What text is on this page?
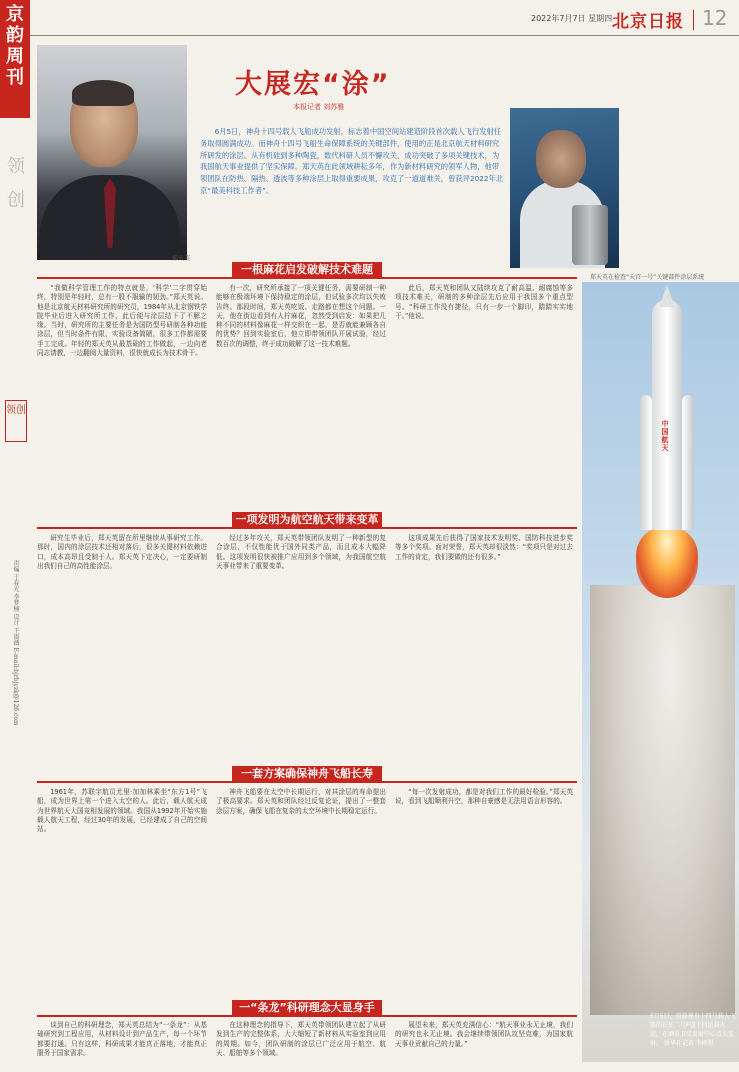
京韵周刊
领创
领创
责编 于春光 李梦楠 设计 王雨薇 E-mail:bjrbjyzk@126.com
2022年7月7日 星期四 北京日报 12
郑天英
大展宏“涂”
本报记者 刘苏雅
6月5日，神舟十四号载人飞船成功发射，标志着中国空间站建造阶段首次载人飞行发射任务取得圆满成功。而神舟十四号飞船生命保障系统的关键部件，使用的正是北京航天材料研究所研发的涂层。从有机硅到多种陶瓷，数代科研人员不懈攻关，成功突破了多项关键技术，为我国航天事业提供了坚实保障。郑天英在此领域耕耘多年，作为新材料研究的领军人物，他带领团队在防热、隔热、透波等多种涂层上取得重要成果，攻克了一道道难关，曾获评2022年北京“最美科技工作者”。
郑天英在检查“天宫一号”关键部件涂层系统
一根麻花启发破解技术难题
“我做科学管理工作的特点就是，‘科学’二字贯穿始终，特别是年轻时，总有一股不服输的韧劲。”郑天英说。他是北京航天材料研究所的研究员，1984年从北京钢铁学院毕业后进入研究所工作，此后便与涂层结下了不解之缘。当时，研究所的主要任务是为国防型号研制各种功能涂层，但当时条件有限，实验设备简陋，很多工作都需要手工完成。年轻的郑天英从最基础的工作做起，一边向老同志请教，一边翻阅大量资料，很快就成长为技术骨干。
有一次，研究所承接了一项关键任务，需要研制一种能够在极端环境下保持稳定的涂层，但试验多次均以失败告终。那段时间，郑天英吃饭、走路都在想这个问题。一天，他在街边看到有人拧麻花，忽然受到启发：如果把几种不同的材料像麻花一样交织在一起，是否就能兼顾各自的优势？回到实验室后，他立即带领团队开展试验，经过数百次的调整，终于成功破解了这一技术难题。
此后，郑天英和团队又陆续攻克了耐高温、耐腐蚀等多项技术难关，研制的多种涂层先后应用于我国多个重点型号。“科研工作没有捷径，只有一步一个脚印，踏踏实实地干。”他说。
一项发明为航空航天带来变革
研究生毕业后，郑天英留在所里继续从事研究工作。那时，国内的涂层技术还相对落后，很多关键材料依赖进口，成本高昂且受制于人。郑天英下定决心，一定要研制出我们自己的高性能涂层。
经过多年攻关，郑天英带领团队发明了一种新型的复合涂层，不仅性能优于国外同类产品，而且成本大幅降低。这项发明很快被推广应用到多个领域，为我国航空航天事业带来了重要变革。
这项成果先后获得了国家技术发明奖、国防科技进步奖等多个奖项。面对荣誉，郑天英却很淡然：“奖项只是对过去工作的肯定，我们要做的还有很多。”
一套方案确保神舟飞船长寿
1961年，苏联宇航员尤里·加加林乘坐“东方1号”飞船，成为世界上第一个进入太空的人。此后，载人航天成为世界航天大国竞相发展的领域。我国从1992年开始实施载人航天工程，经过30年的发展，已经建成了自己的空间站。
神舟飞船要在太空中长期运行，对其涂层的寿命提出了极高要求。郑天英和团队经过反复论证，提出了一整套涂层方案，确保飞船在复杂的太空环境中长期稳定运行。
“每一次发射成功，都是对我们工作的最好检验。”郑天英说，看到飞船顺利升空，那种自豪感是无法用语言形容的。
一“条龙”科研理念大显身手
谈到自己的科研理念，郑天英总结为“一条龙”：从基础研究到工程应用，从材料设计到产品生产，每一个环节都要打通。只有这样，科研成果才能真正落地，才能真正服务于国家需求。
在这种理念的指导下，郑天英带领团队建立起了从研发到生产的完整体系，大大缩短了新材料从实验室到应用的周期。如今，团队研制的涂层已广泛应用于航空、航天、船舶等多个领域。
展望未来，郑天英充满信心：“航天事业永无止境，我们的研究也永无止境。我会继续带领团队攻坚克难，为国家航天事业贡献自己的力量。”
中国航天
6月5日，搭载神舟十四号载人飞船的长征二号F遥十四运载火箭，在酒泉卫星发射中心点火发射。 新华社记者 李刚摄
